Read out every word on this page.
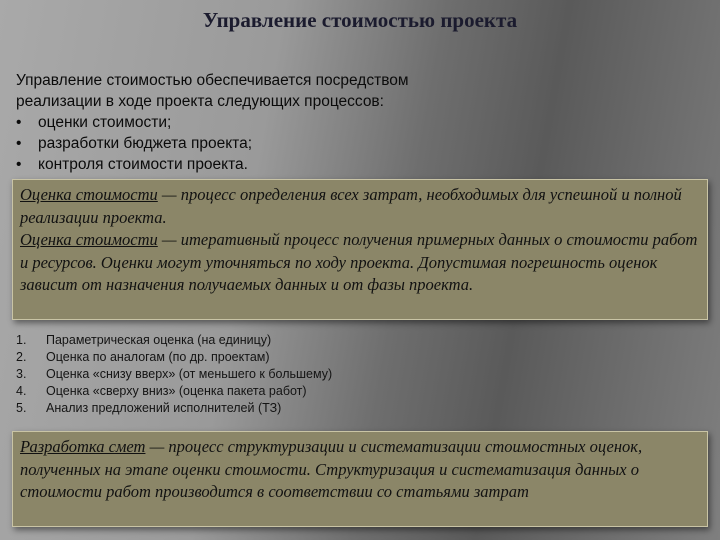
Управление стоимостью проекта
Управление стоимостью обеспечивается посредством
реализации в ходе проекта следующих процессов:
• оценки стоимости;
• разработки бюджета проекта;
• контроля стоимости проекта.
Оценка стоимости — процесс определения всех затрат, необходимых для успешной и полной реализации проекта.
Оценка стоимости — итеративный процесс получения примерных данных о стоимости работ и ресурсов. Оценки могут уточняться по ходу проекта. Допустимая погрешность оценок зависит от назначения получаемых данных и от фазы проекта.
1.	Параметрическая оценка (на единицу)
2.	Оценка по аналогам (по др. проектам)
3.	Оценка «снизу вверх» (от меньшего к большему)
4.	Оценка «сверху вниз» (оценка пакета работ)
5.	Анализ предложений исполнителей (ТЗ)
Разработка смет — процесс структуризации и систематизации стоимостных оценок, полученных на этапе оценки стоимости. Структуризация и систематизация данных о стоимости работ производится в соответствии со статьями затрат
